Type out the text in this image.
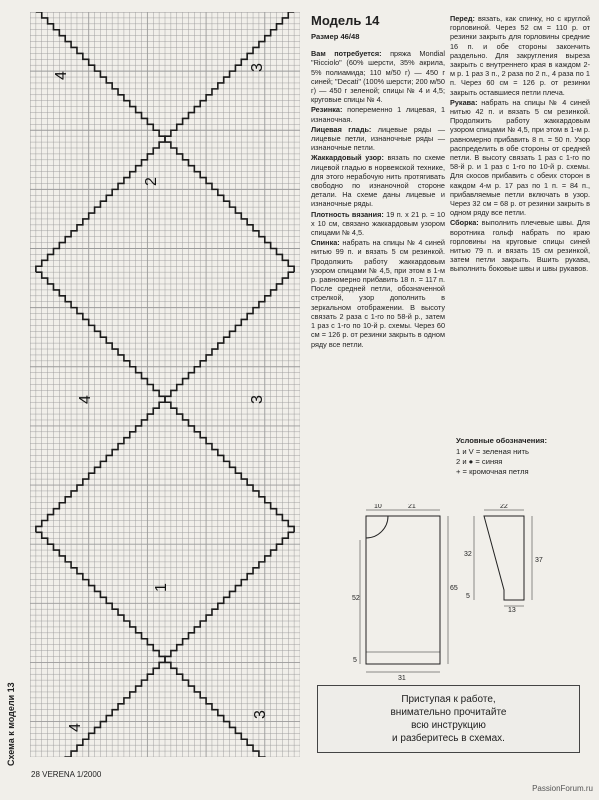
4
3
2
4	3
1
4
3
Схема к модели 13
28 VERENA 1/2000
PassionForum.ru
Модель 14
Размер 46/48
Вам потребуется: пряжа Mondial "Ricciolo" (60% шерсти, 35% акрила, 5% полиамида; 110 м/50 г) — 450 г синей; "Decati" (100% шерсти; 200 м/50 г) — 450 г зеленой; спицы № 4 и 4,5; круговые спицы № 4.
Резинка: попеременно 1 лицевая, 1 изнаночная.
Лицевая гладь: лицевые ряды — лицевые петли, изнаночные ряды — изнаночные петли.
Жаккардовый узор: вязать по схеме лицевой гладью в норвежской технике, для этого нерабочую нить протягивать свободно по изнаночной стороне детали. На схеме даны лицевые и изнаночные ряды.
Плотность вязания: 19 п. х 21 р. = 10 х 10 см, связано жаккардовым узором спицами № 4,5.
Спинка: набрать на спицы № 4 синей нитью 99 п. и вязать 5 см резинкой. Продолжить работу жаккардовым узором спицами № 4,5, при этом в 1-м р. равномерно прибавить 18 п. = 117 п. После средней петли, обозначенной стрелкой, узор дополнить в зеркальном отображении. В высоту связать 2 раза с 1-го по 58-й р., затем 1 раз с 1-го по 10-й р. схемы. Через 60 см = 126 р. от резинки закрыть в одном ряду все петли.
Перед: вязать, как спинку, но с круглой горловиной. Через 52 см = 110 р. от резинки закрыть для горловины средние 16 п. и обе стороны закончить раздельно. Для закругления выреза закрыть с внутреннего края в каждом 2-м р. 1 раз 3 п., 2 раза по 2 п., 4 раза по 1 п. Через 60 см = 126 р. от резинки закрыть оставшиеся петли плеча.
Рукава: набрать на спицы № 4 синей нитью 42 п. и вязать 5 см резинкой. Продолжить работу жаккардовым узором спицами № 4,5, при этом в 1-м р. равномерно прибавить 8 п. = 50 п. Узор распределить в обе стороны от средней петли. В высоту связать 1 раз с 1-го по 58-й р. и 1 раз с 1-го по 10-й р. схемы. Для скосов прибавить с обеих сторон в каждом 4-м р. 17 раз по 1 п. = 84 п., прибавляемые петли включать в узор. Через 32 см = 68 р. от резинки закрыть в одном ряду все петли.
Сборка: выполнить плечевые швы. Для воротника гольф набрать по краю горловины на круговые спицы синей нитью 79 п. и вязать 15 см резинкой, затем петли закрыть. Вшить рукава, выполнить боковые швы и швы рукавов.
Условные обозначения:
1 и V = зеленая нить
2 и ● = синяя
+ = кромочная петля
10	21
65
52
5
31
22
32
5
37
13
Приступая к работе,
внимательно прочитайте
всю инструкцию
и разберитесь в схемах.
